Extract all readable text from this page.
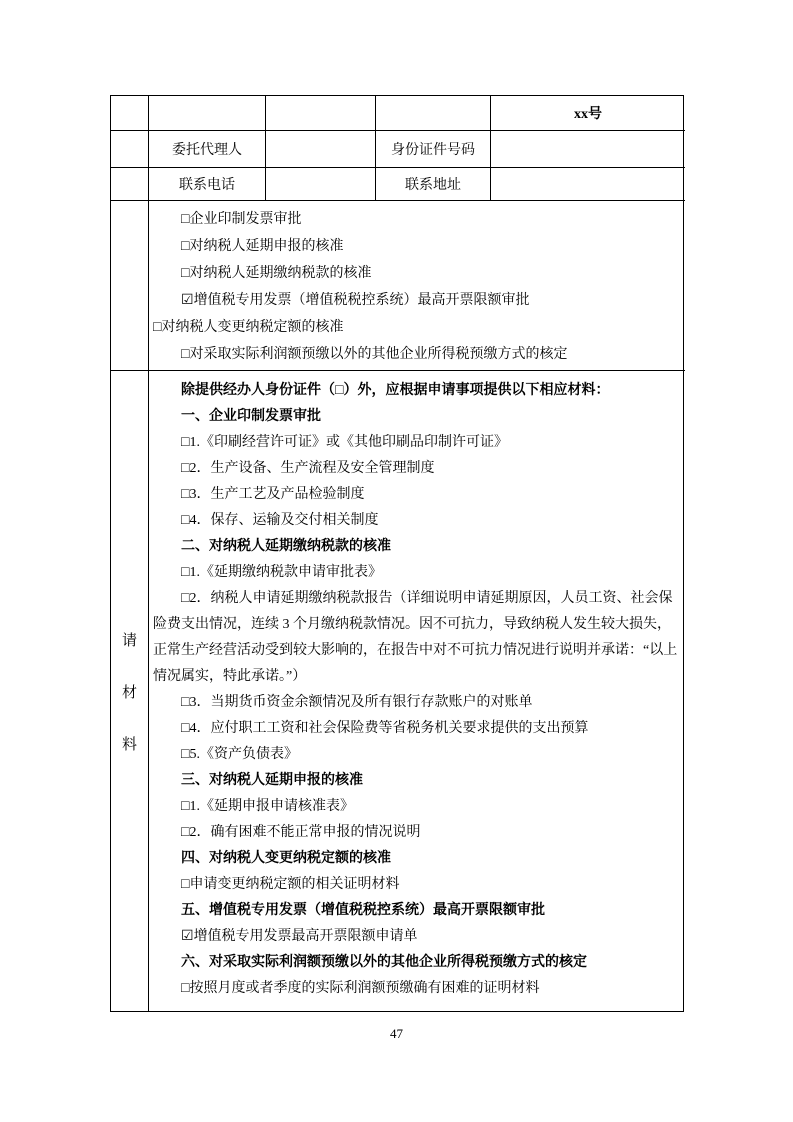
xx号
委托代理人	身份证件号码
联系电话	联系地址

□企业印制发票审批

□对纳税人延期申报的核准

□对纳税人延期缴纳税款的核准

☑增值税专用发票（增值税税控系统）最高开票限额审批

□对纳税人变更纳税定额的核准

□对采取实际利润额预缴以外的其他企业所得税预缴方式的核定

请
材
料

除提供经办人身份证件（□）外，应根据申请事项提供以下相应材料：

一、企业印制发票审批

□1.《印刷经营许可证》或《其他印刷品印制许可证》

□2．生产设备、生产流程及安全管理制度

□3．生产工艺及产品检验制度

□4．保存、运输及交付相关制度

二、对纳税人延期缴纳税款的核准

□1.《延期缴纳税款申请审批表》

□2．纳税人申请延期缴纳税款报告（详细说明申请延期原因，人员工资、社会保险费支出情况，连续 3 个月缴纳税款情况。因不可抗力，导致纳税人发生较大损失，正常生产经营活动受到较大影响的，在报告中对不可抗力情况进行说明并承诺：“以上情况属实，特此承诺。”）

□3．当期货币资金余额情况及所有银行存款账户的对账单

□4．应付职工工资和社会保险费等省税务机关要求提供的支出预算

□5.《资产负债表》

三、对纳税人延期申报的核准

□1.《延期申报申请核准表》

□2．确有困难不能正常申报的情况说明

四、对纳税人变更纳税定额的核准

□申请变更纳税定额的相关证明材料

五、增值税专用发票（增值税税控系统）最高开票限额审批

☑增值税专用发票最高开票限额申请单

六、对采取实际利润额预缴以外的其他企业所得税预缴方式的核定

□按照月度或者季度的实际利润额预缴确有困难的证明材料

47
